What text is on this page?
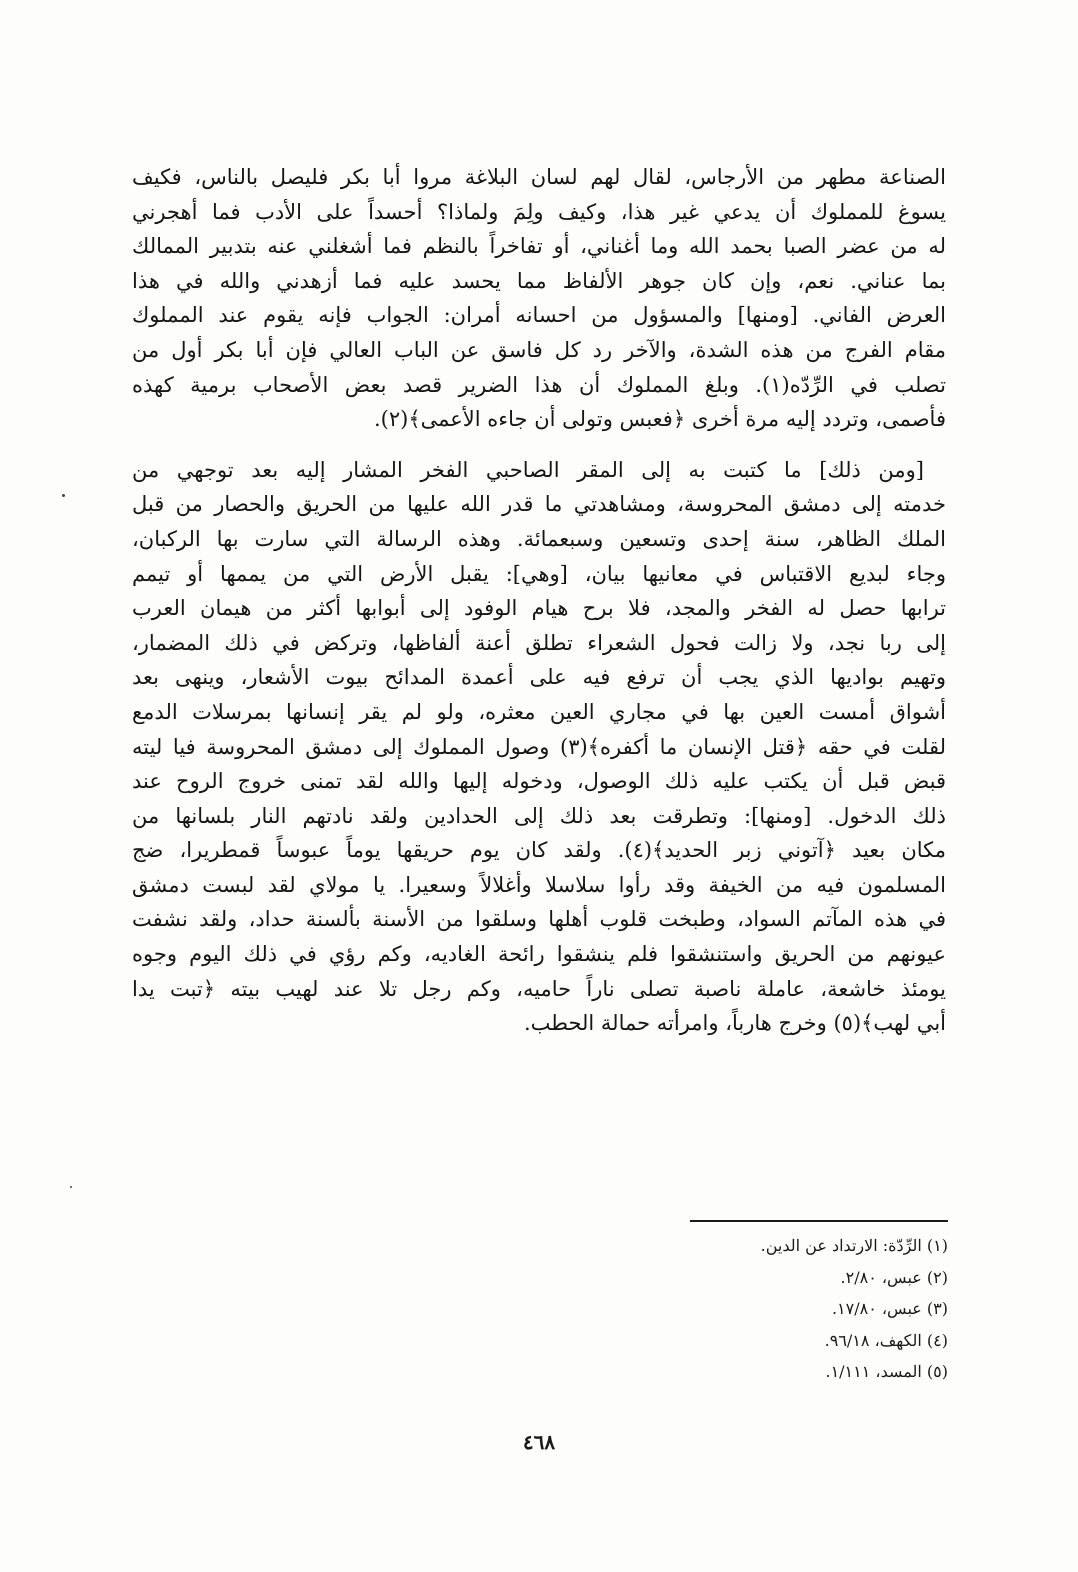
الصناعة مطهر من الأرجاس، لقال لهم لسان البلاغة مروا أبا بكر فليصل بالناس، فكيف
يسوغ للمملوك أن يدعي غير هذا، وكيف ولِمَ ولماذا؟ أحسداً على الأدب فما أهجرني
له من عضر الصبا بحمد الله وما أغناني، أو تفاخراً بالنظم فما أشغلني عنه بتدبير الممالك
بما عناني. نعم، وإن كان جوهر الألفاظ مما يحسد عليه فما أزهدني والله في هذا
العرض الفاني. [ومنها] والمسؤول من احسانه أمران: الجواب فإنه يقوم عند المملوك
مقام الفرج من هذه الشدة، والآخر رد كل فاسق عن الباب العالي فإن أبا بكر أول من
تصلب في الرِّدّه(١). وبلغ المملوك أن هذا الضرير قصد بعض الأصحاب برمية كهذه
فأصمى، وتردد إليه مرة أخرى ﴿فعبس وتولى أن جاءه الأعمى﴾(٢).

[ومن ذلك] ما كتبت به إلى المقر الصاحبي الفخر المشار إليه بعد توجهي من
خدمته إلى دمشق المحروسة، ومشاهدتي ما قدر الله عليها من الحريق والحصار من قبل
الملك الظاهر، سنة إحدى وتسعين وسبعمائة. وهذه الرسالة التي سارت بها الركبان،
وجاء لبديع الاقتباس في معانيها بيان، [وهي]: يقبل الأرض التي من يممها أو تيمم
ترابها حصل له الفخر والمجد، فلا برح هيام الوفود إلى أبوابها أكثر من هيمان العرب
إلى ربا نجد، ولا زالت فحول الشعراء تطلق أعنة ألفاظها، وتركض في ذلك المضمار،
وتهيم بواديها الذي يجب أن ترفع فيه على أعمدة المدائح بيوت الأشعار، وينهى بعد
أشواق أمست العين بها في مجاري العين معثره، ولو لم يقر إنسانها بمرسلات الدمع
لقلت في حقه ﴿قتل الإنسان ما أكفره﴾(٣) وصول المملوك إلى دمشق المحروسة فيا ليته
قبض قبل أن يكتب عليه ذلك الوصول، ودخوله إليها والله لقد تمنى خروج الروح عند
ذلك الدخول. [ومنها]: وتطرقت بعد ذلك إلى الحدادين ولقد نادتهم النار بلسانها من
مكان بعيد ﴿آتوني زبر الحديد﴾(٤). ولقد كان يوم حريقها يوماً عبوساً قمطريرا، ضج
المسلمون فيه من الخيفة وقد رأوا سلاسلا وأغلالاً وسعيرا. يا مولاي لقد لبست دمشق
في هذه المآتم السواد، وطبخت قلوب أهلها وسلقوا من الأسنة بألسنة حداد، ولقد نشفت
عيونهم من الحريق واستنشقوا فلم ينشقوا رائحة الغاديه، وكم رؤي في ذلك اليوم وجوه
يومئذ خاشعة، عاملة ناصبة تصلى ناراً حاميه، وكم رجل تلا عند لهيب بيته ﴿تبت يدا
أبي لهب﴾(٥) وخرج هارباً، وامرأته حمالة الحطب.

(١) الرِّدّة: الارتداد عن الدين.
(٢) عبس، ٢/٨٠.
(٣) عبس، ١٧/٨٠.
(٤) الكهف، ٩٦/١٨.
(٥) المسد، ١/١١١.
٤٦٨
